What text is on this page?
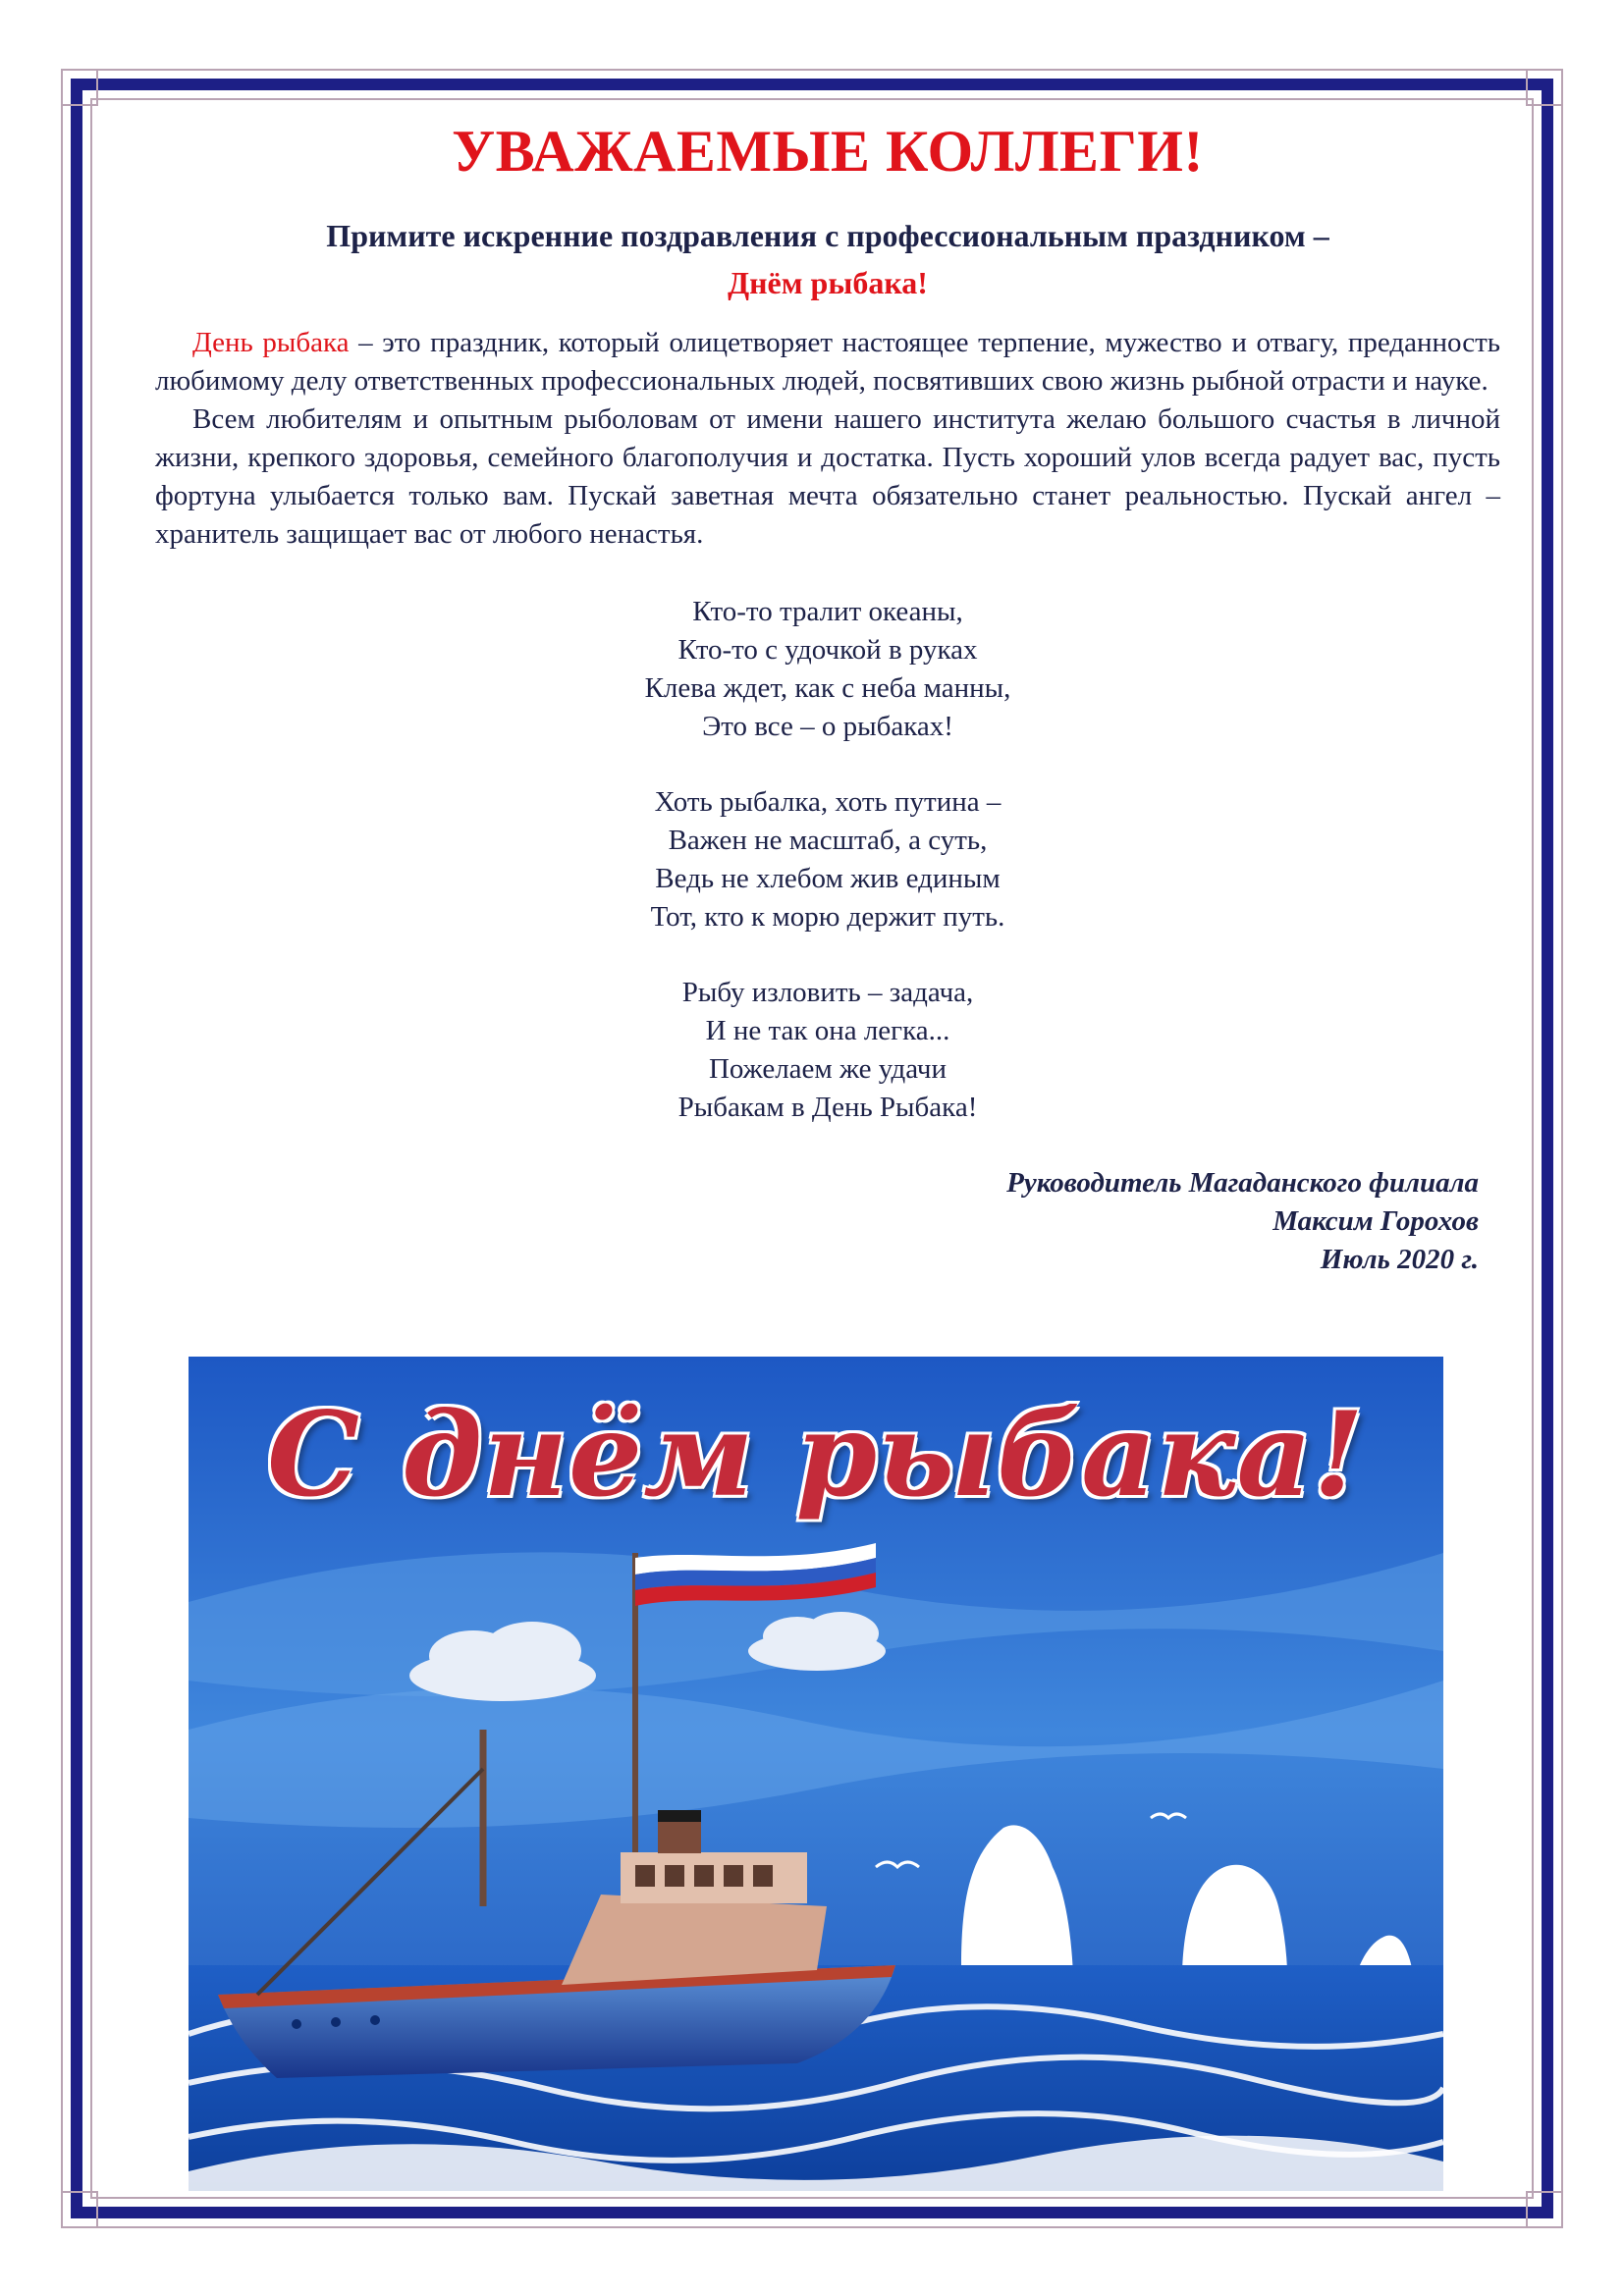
УВАЖАЕМЫЕ КОЛЛЕГИ!

Примите искренние поздравления с профессиональным праздником –

Днём рыбака!

День рыбака – это праздник, который олицетворяет настоящее терпение, мужество и отвагу, преданность любимому делу ответственных профессиональных людей, посвятивших свою жизнь рыбной отрасти и науке.

Всем любителям и опытным рыболовам от имени нашего института желаю большого счастья в личной жизни, крепкого здоровья, семейного благополучия и достатка. Пусть хороший улов всегда радует вас, пусть фортуна улыбается только вам. Пускай заветная мечта обязательно станет реальностью. Пускай ангел – хранитель защищает вас от любого ненастья.

Кто-то тралит океаны,
Кто-то с удочкой в руках
Клева ждет, как с неба манны,
Это все – о рыбаках!
Хоть рыбалка, хоть путина –
Важен не масштаб, а суть,
Ведь не хлебом жив единым
Тот, кто к морю держит путь.
Рыбу изловить – задача,
И не так она легка...
Пожелаем же удачи
Рыбакам в День Рыбака!
Руководитель Магаданского филиала
Максим Горохов
Июль 2020 г.
С днём рыбака!
